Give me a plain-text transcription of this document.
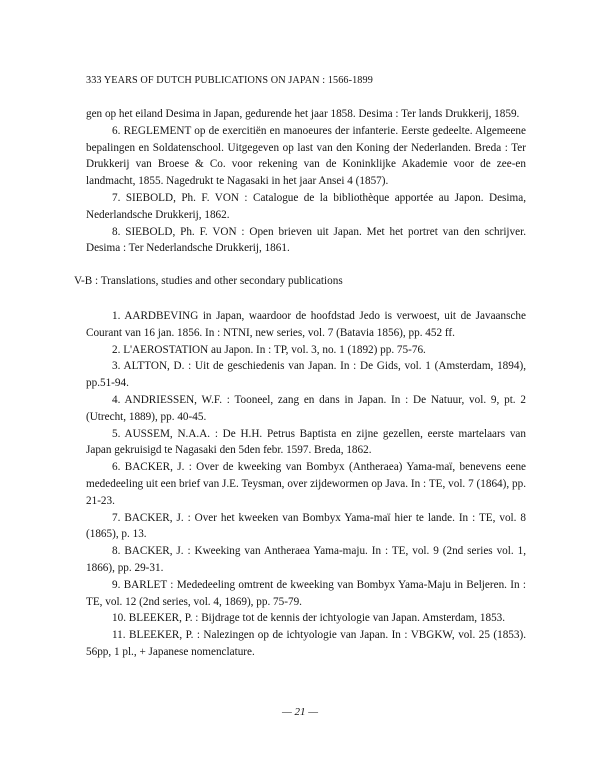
333 YEARS OF DUTCH PUBLICATIONS ON JAPAN : 1566-1899

gen op het eiland Desima in Japan, gedurende het jaar 1858. Desima : Ter lands Drukkerij, 1859.

6. REGLEMENT op de exercitiën en manoeures der infanterie. Eerste gedeelte. Algemeene bepalingen en Soldatenschool. Uitgegeven op last van den Koning der Nederlanden. Breda : Ter Drukkerij van Broese & Co. voor rekening van de Koninklijke Akademie voor de zee-en landmacht, 1855. Nagedrukt te Nagasaki in het jaar Ansei 4 (1857).

7. SIEBOLD, Ph. F. VON : Catalogue de la bibliothèque apportée au Japon. Desima, Nederlandsche Drukkerij, 1862.

8. SIEBOLD, Ph. F. VON : Open brieven uit Japan. Met het portret van den schrijver. Desima : Ter Nederlandsche Drukkerij, 1861.

V-B : Translations, studies and other secondary publications

1. AARDBEVING in Japan, waardoor de hoofdstad Jedo is verwoest, uit de Javaansche Courant van 16 jan. 1856. In : NTNI, new series, vol. 7 (Batavia 1856), pp. 452 ff.

2. L'AEROSTATION au Japon. In : TP, vol. 3, no. 1 (1892) pp. 75-76.

3. ALTTON, D. : Uit de geschiedenis van Japan. In : De Gids, vol. 1 (Amsterdam, 1894), pp.51-94.

4. ANDRIESSEN, W.F. : Tooneel, zang en dans in Japan. In : De Natuur, vol. 9, pt. 2 (Utrecht, 1889), pp. 40-45.

5. AUSSEM, N.A.A. : De H.H. Petrus Baptista en zijne gezellen, eerste martelaars van Japan gekruisigd te Nagasaki den 5den febr. 1597. Breda, 1862.

6. BACKER, J. : Over de kweeking van Bombyx (Antheraea) Yama-maï, benevens eene mededeeling uit een brief van J.E. Teysman, over zijdewormen op Java. In : TE, vol. 7 (1864), pp. 21-23.

7. BACKER, J. : Over het kweeken van Bombyx Yama-maï hier te lande. In : TE, vol. 8 (1865), p. 13.

8. BACKER, J. : Kweeking van Antheraea Yama-maju. In : TE, vol. 9 (2nd series vol. 1, 1866), pp. 29-31.

9. BARLET : Mededeeling omtrent de kweeking van Bombyx Yama-Maju in Beljeren. In : TE, vol. 12 (2nd series, vol. 4, 1869), pp. 75-79.

10. BLEEKER, P. : Bijdrage tot de kennis der ichtyologie van Japan. Amsterdam, 1853.

11. BLEEKER, P. : Nalezingen op de ichtyologie van Japan. In : VBGKW, vol. 25 (1853). 56pp, 1 pl., + Japanese nomenclature.

— 21 —
